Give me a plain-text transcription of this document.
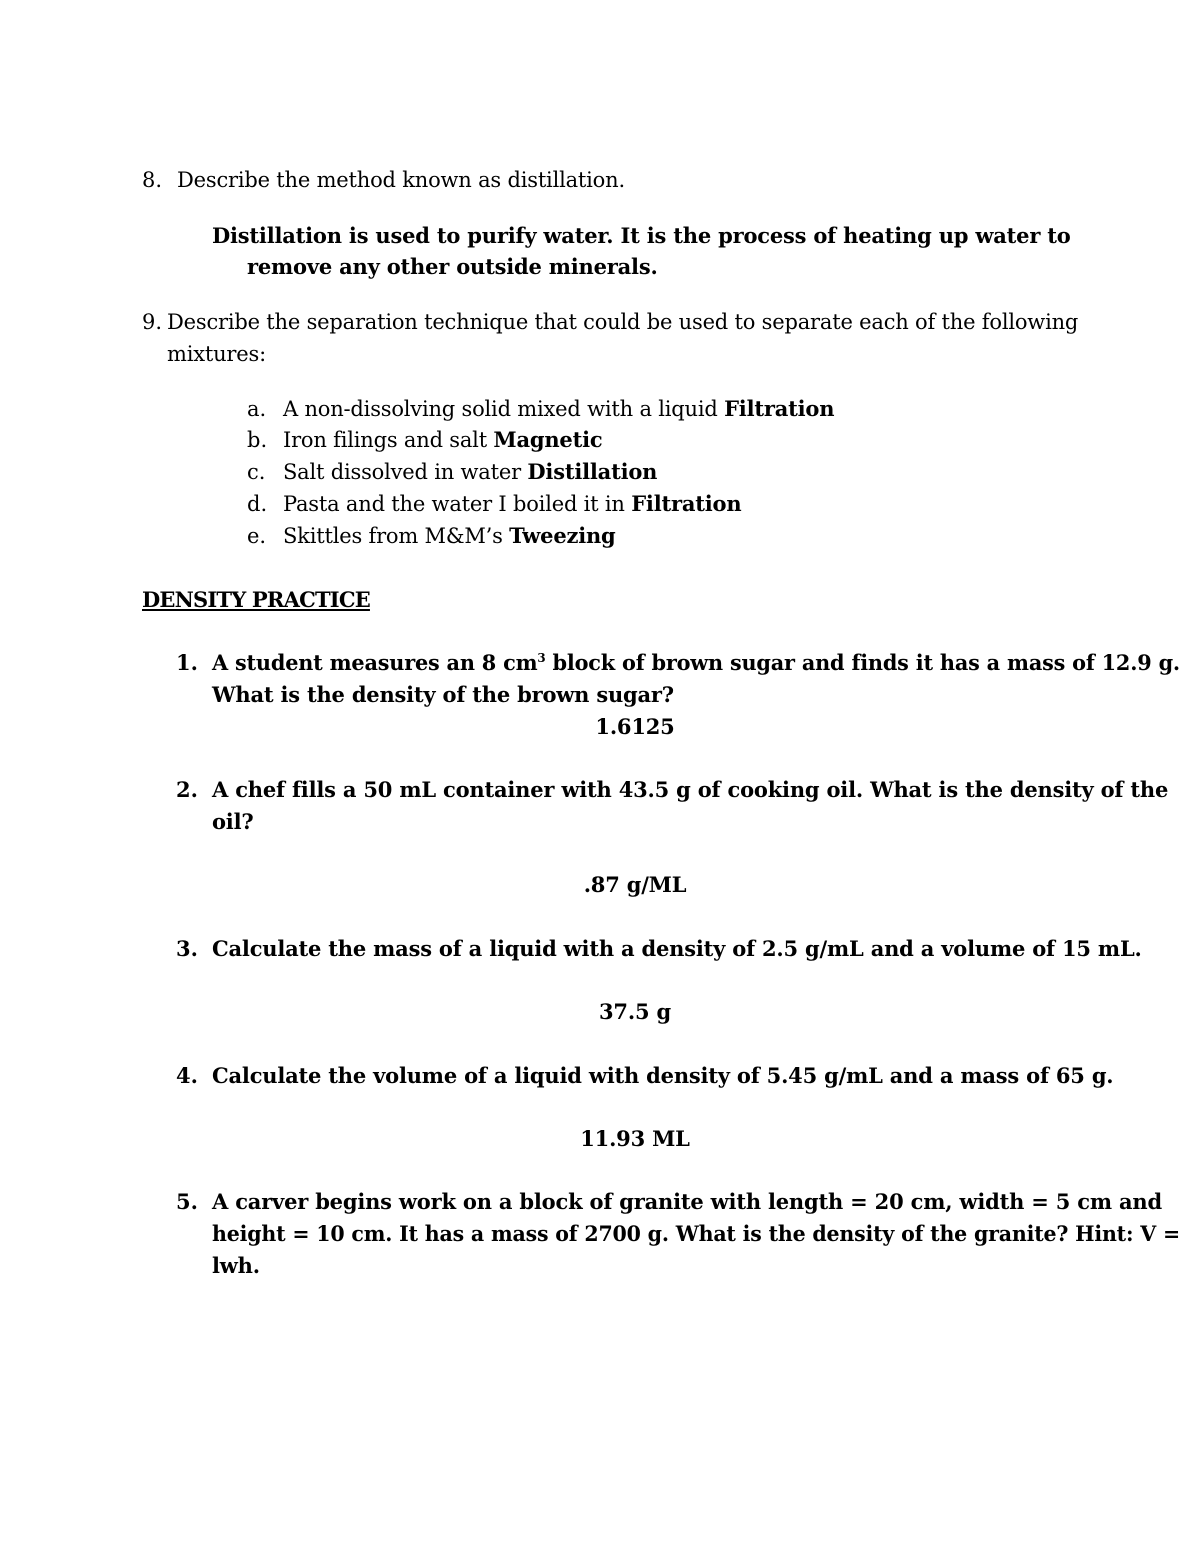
8. Describe the method known as distillation.
Distillation is used to purify water. It is the process of heating up water to
remove any other outside minerals.
9. Describe the separation technique that could be used to separate each of the following
mixtures:
a. A non-dissolving solid mixed with a liquid Filtration
b. Iron filings and salt Magnetic
c. Salt dissolved in water Distillation
d. Pasta and the water I boiled it in Filtration
e. Skittles from M&M’s Tweezing
DENSITY PRACTICE
1. A student measures an 8 $cm^3$ block of brown sugar and finds it has a mass of 12.9 g.
What is the density of the brown sugar?
1.6125
2. A chef fills a 50 mL container with 43.5 g of cooking oil. What is the density of the
oil?
.87 g/ML
3. Calculate the mass of a liquid with a density of 2.5 g/mL and a volume of 15 mL.
37.5 g
4. Calculate the volume of a liquid with density of 5.45 g/mL and a mass of 65 g.
11.93 ML
5. A carver begins work on a block of granite with length = 20 cm, width = 5 cm and
height = 10 cm. It has a mass of 2700 g. What is the density of the granite? Hint: V =
lwh.
